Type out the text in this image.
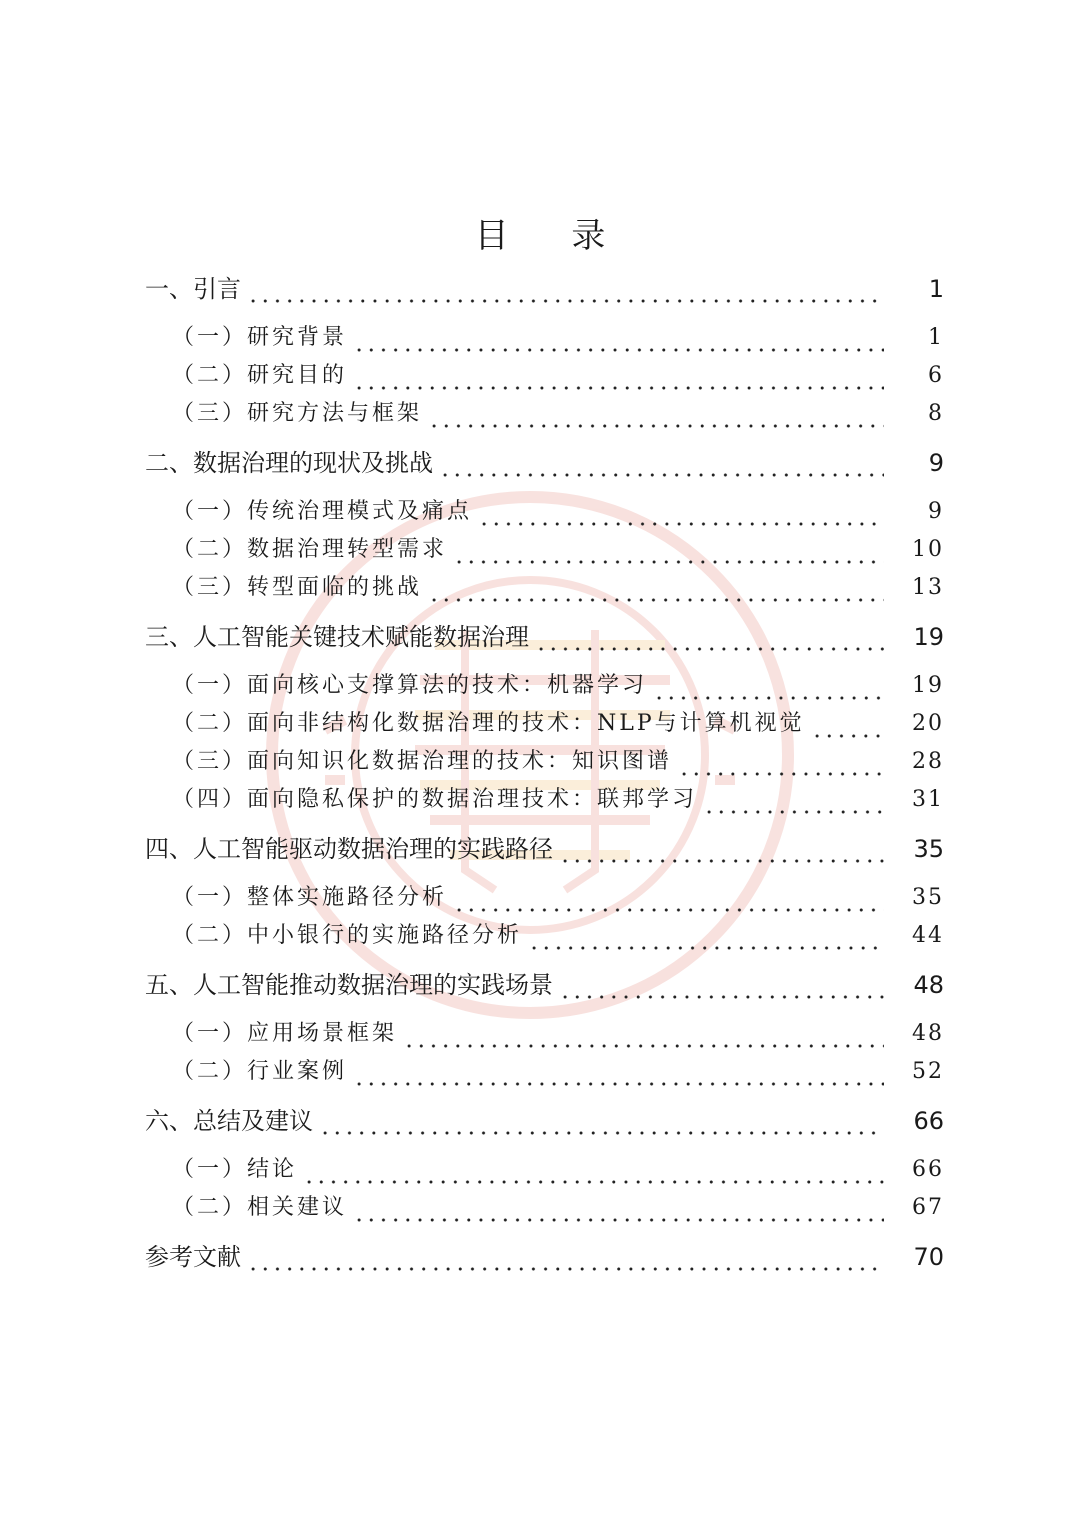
目 录
一、引言	1
（一）研究背景	1
（二）研究目的	6
（三）研究方法与框架	8
二、数据治理的现状及挑战	9
（一）传统治理模式及痛点	9
（二）数据治理转型需求	10
（三）转型面临的挑战	13
三、人工智能关键技术赋能数据治理	19
（一）面向核心支撑算法的技术：机器学习	19
（二）面向非结构化数据治理的技术：NLP与计算机视觉	20
（三）面向知识化数据治理的技术：知识图谱	28
（四）面向隐私保护的数据治理技术：联邦学习	31
四、人工智能驱动数据治理的实践路径	35
（一）整体实施路径分析	35
（二）中小银行的实施路径分析	44
五、人工智能推动数据治理的实践场景	48
（一）应用场景框架	48
（二）行业案例	52
六、总结及建议	66
（一）结论	66
（二）相关建议	67
参考文献	70
